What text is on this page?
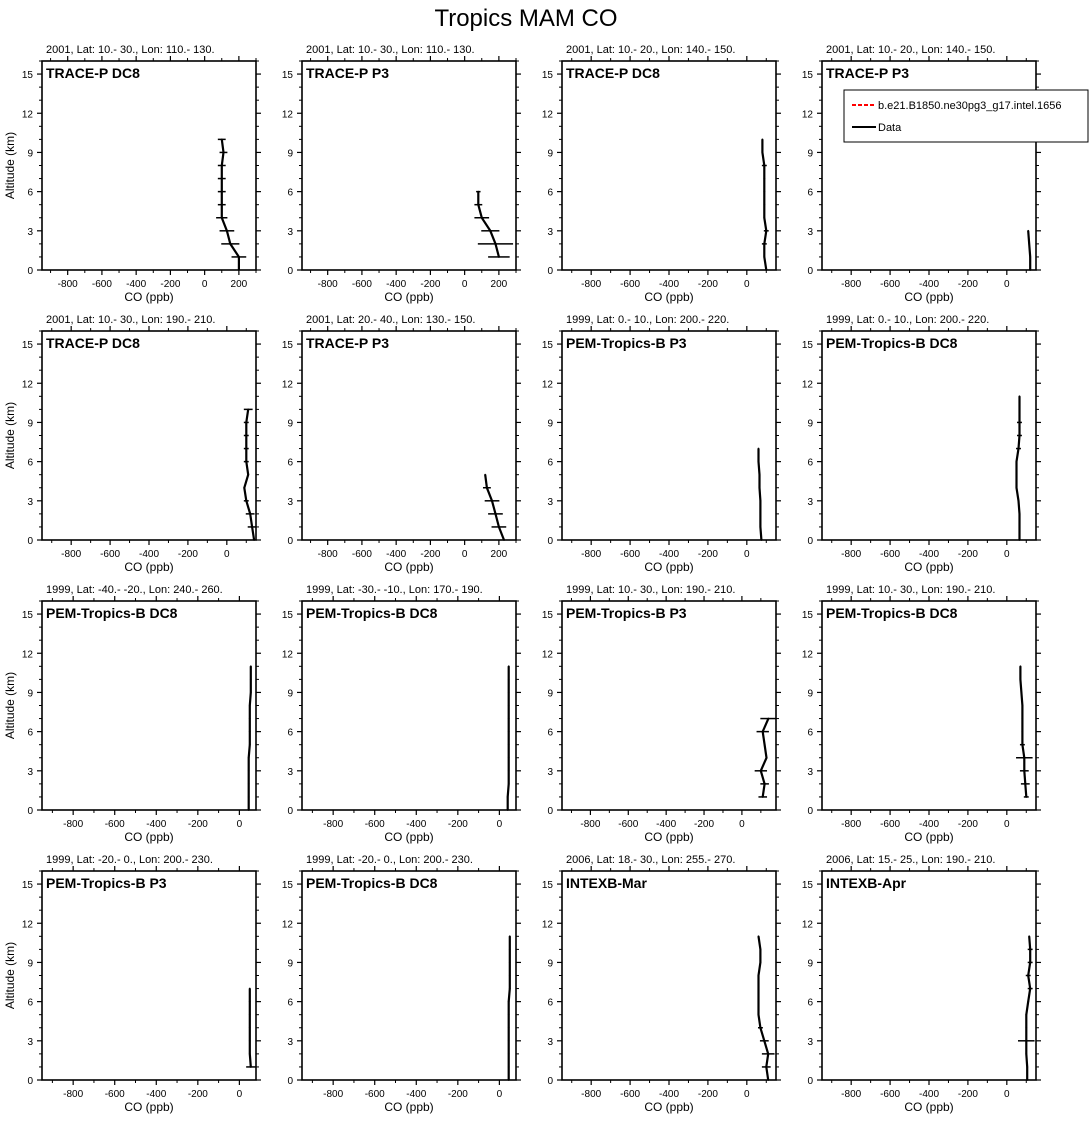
Tropics MAM CO
2001, Lat: 10.- 30., Lon: 110.- 130.
TRACE-P DC8
0
3
6
9
12
15
-800 -600 -400 -200 0 200
CO (ppb)
Altitude (km)
2001, Lat: 10.- 30., Lon: 110.- 130.
TRACE-P P3
0
3
6
9
12
15
-800 -600 -400 -200 0 200
CO (ppb)
2001, Lat: 10.- 20., Lon: 140.- 150.
TRACE-P DC8
0
3
6
9
12
15
-800 -600 -400 -200	0
CO (ppb)
2001, Lat: 10.- 20., Lon: 140.- 150.
TRACE-P P3
0
3
6
9
12
15
-800 -600 -400 -200	0
CO (ppb)
b.e21.B1850.ne30pg3_g17.intel.1656
Data
2001, Lat: 10.- 30., Lon: 190.- 210.
TRACE-P DC8
0
3
6
9
12
15
-800 -600 -400 -200	0
CO (ppb)
Altitude (km)
2001, Lat: 20.- 40., Lon: 130.- 150.
TRACE-P P3
0
3
6
9
12
15
-800 -600 -400 -200 0 200
CO (ppb)
1999, Lat: 0.- 10., Lon: 200.- 220.
PEM-Tropics-B P3
0
3
6
9
12
15
-800 -600 -400 -200	0
CO (ppb)
1999, Lat: 0.- 10., Lon: 200.- 220.
PEM-Tropics-B DC8
0
3
6
9
12
15
-800 -600 -400 -200	0
CO (ppb)
1999, Lat: -40.- -20., Lon: 240.- 260.
PEM-Tropics-B DC8
0
3
6
9
12
15
-800 -600 -400 -200	0
CO (ppb)
Altitude (km)
1999, Lat: -30.- -10., Lon: 170.- 190.
PEM-Tropics-B DC8
0
3
6
9
12
15
-800 -600 -400 -200	0
CO (ppb)
1999, Lat: 10.- 30., Lon: 190.- 210.
PEM-Tropics-B P3
0
3
6
9
12
15
-800 -600 -400 -200	0
CO (ppb)
1999, Lat: 10.- 30., Lon: 190.- 210.
PEM-Tropics-B DC8
0
3
6
9
12
15
-800 -600 -400 -200	0
CO (ppb)
1999, Lat: -20.- 0., Lon: 200.- 230.
PEM-Tropics-B P3
0
3
6
9
12
15
-800 -600 -400 -200	0
CO (ppb)
Altitude (km)
1999, Lat: -20.- 0., Lon: 200.- 230.
PEM-Tropics-B DC8
0
3
6
9
12
15
-800 -600 -400 -200	0
CO (ppb)
2006, Lat: 18.- 30., Lon: 255.- 270.
INTEXB-Mar
0
3
6
9
12
15
-800 -600 -400 -200	0
CO (ppb)
2006, Lat: 15.- 25., Lon: 190.- 210.
INTEXB-Apr
0
3
6
9
12
15
-800 -600 -400 -200	0
CO (ppb)
